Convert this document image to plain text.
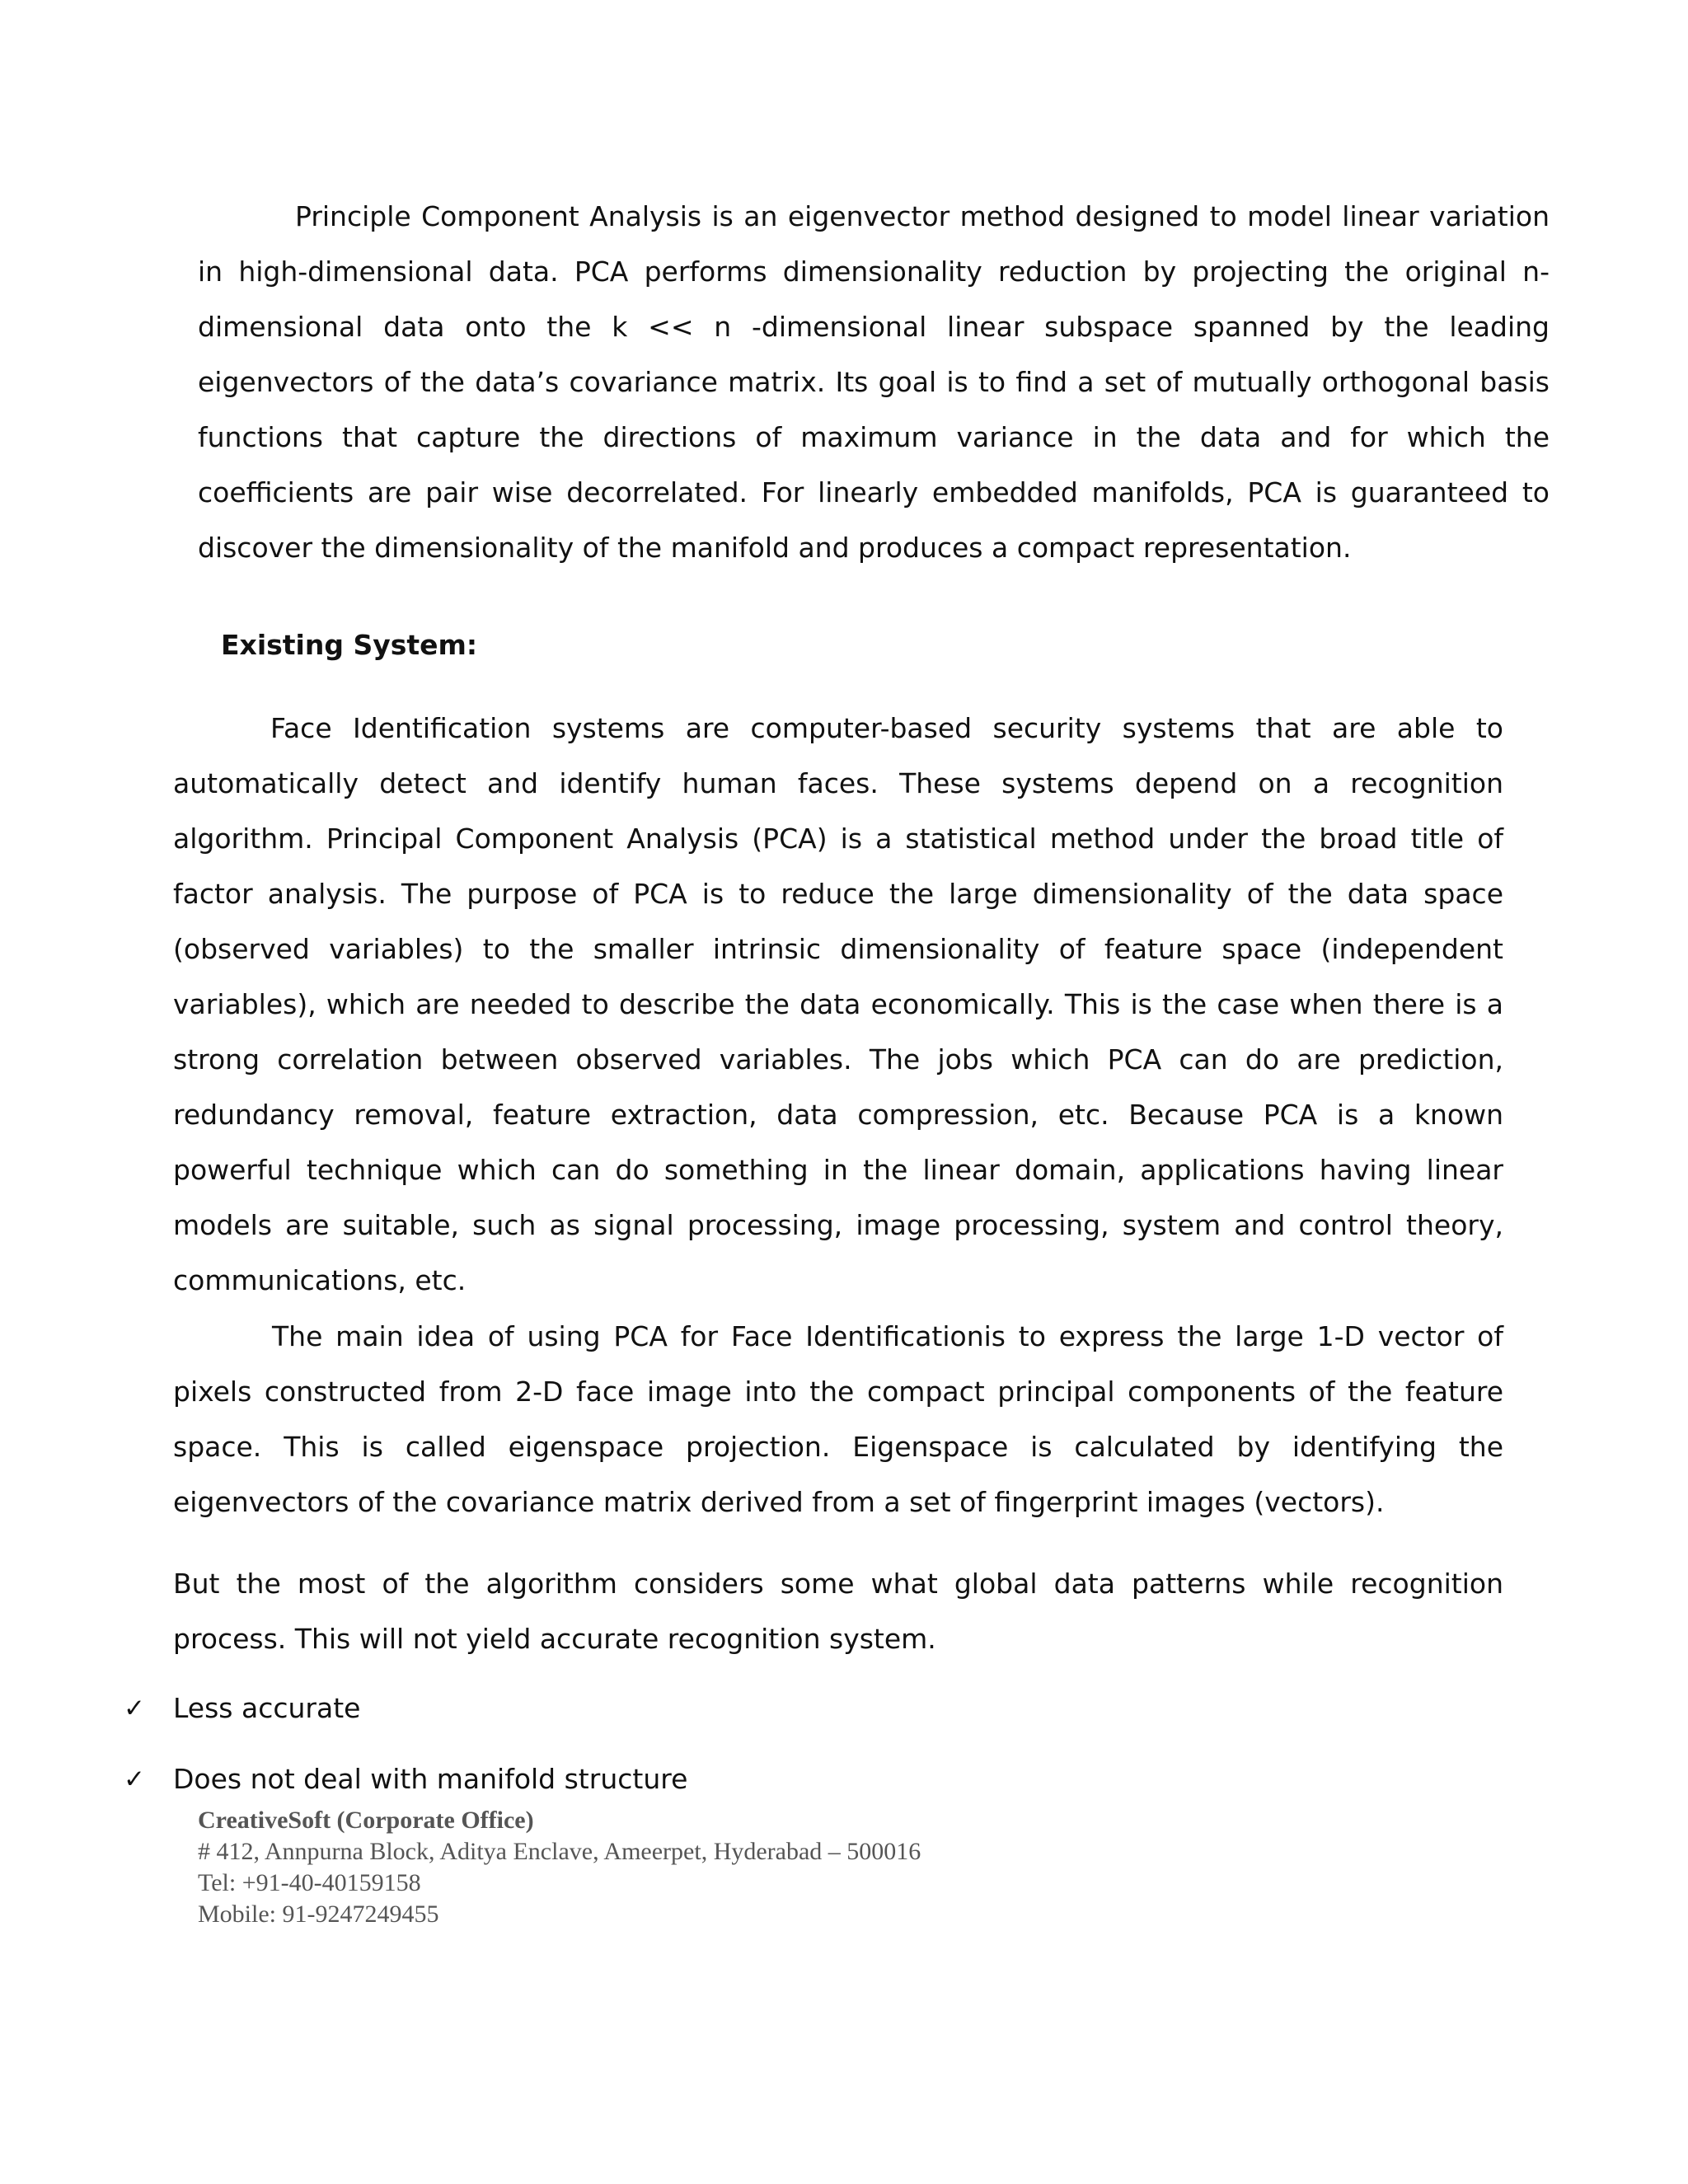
Principle Component Analysis is an eigenvector method designed to model linear variation in high-dimensional data. PCA performs dimensionality reduction by projecting the original n-dimensional data onto the k << n -dimensional linear subspace spanned by the leading eigenvectors of the data’s covariance matrix. Its goal is to find a set of mutually orthogonal basis functions that capture the directions of maximum variance in the data and for which the coefficients are pair wise decorrelated. For linearly embedded manifolds, PCA is guaranteed to discover the dimensionality of the manifold and produces a compact representation.

Existing System:

Face Identification systems are computer-based security systems that are able to automatically detect and identify human faces. These systems depend on a recognition algorithm. Principal Component Analysis (PCA) is a statistical method under the broad title of factor analysis. The purpose of PCA is to reduce the large dimensionality of the data space (observed variables) to the smaller intrinsic dimensionality of feature space (independent variables), which are needed to describe the data economically. This is the case when there is a strong correlation between observed variables. The jobs which PCA can do are prediction, redundancy removal, feature extraction, data compression, etc. Because PCA is a known powerful technique which can do something in the linear domain, applications having linear models are suitable, such as signal processing, image processing, system and control theory, communications, etc.

The main idea of using PCA for Face Identificationis to express the large 1-D vector of pixels constructed from 2-D face image into the compact principal components of the feature space. This is called eigenspace projection. Eigenspace is calculated by identifying the eigenvectors of the covariance matrix derived from a set of fingerprint images (vectors).

But the most of the algorithm considers some what global data patterns while recognition process. This will not yield accurate recognition system.

✓	Less accurate
✓	Does not deal with manifold structure
CreativeSoft (Corporate Office)
# 412, Annpurna Block, Aditya Enclave, Ameerpet, Hyderabad – 500016
Tel: +91-40-40159158
Mobile: 91-9247249455
